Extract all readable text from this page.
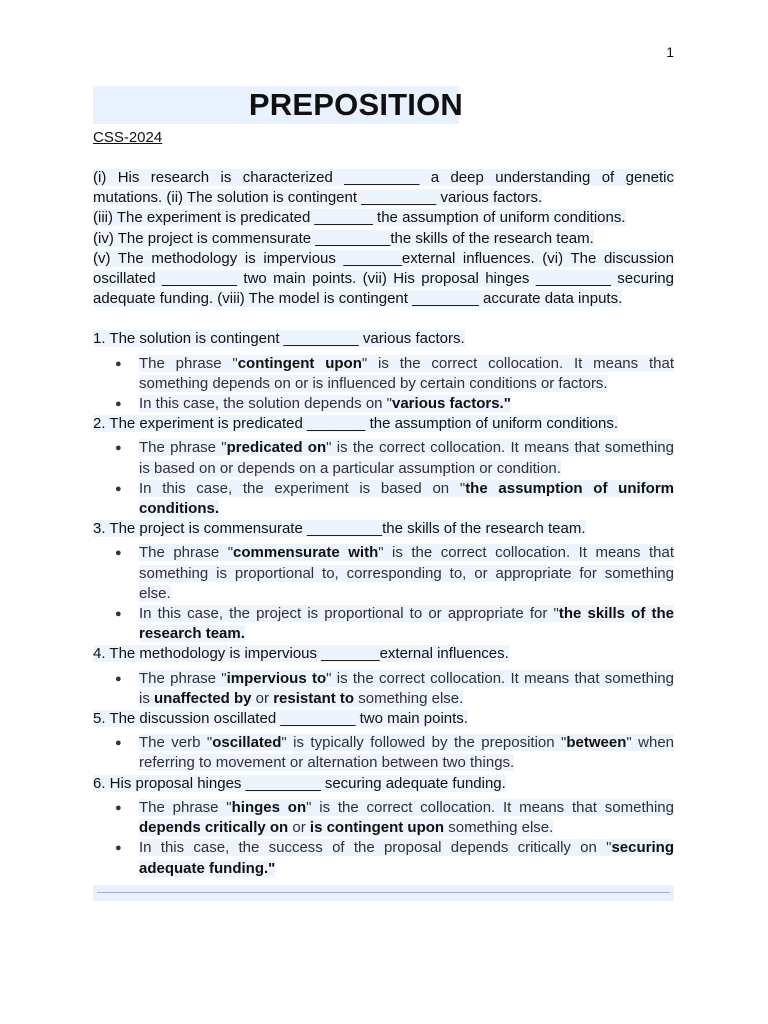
1
PREPOSITION
CSS-2024
(i) His research is characterized _________ a deep understanding of genetic mutations. (ii) The solution is contingent _________ various factors.
(iii) The experiment is predicated _______ the assumption of uniform conditions.
(iv) The project is commensurate _________the skills of the research team.
(v) The methodology is impervious _______external influences. (vi) The discussion oscillated _________ two main points. (vii) His proposal hinges _________ securing adequate funding. (viii) The model is contingent ________ accurate data inputs.
1. The solution is contingent _________ various factors.
● The phrase "contingent upon" is the correct collocation. It means that something depends on or is influenced by certain conditions or factors.
● In this case, the solution depends on "various factors."
2. The experiment is predicated _______ the assumption of uniform conditions.
● The phrase "predicated on" is the correct collocation. It means that something is based on or depends on a particular assumption or condition.
● In this case, the experiment is based on "the assumption of uniform conditions.
3. The project is commensurate _________the skills of the research team.
● The phrase "commensurate with" is the correct collocation. It means that something is proportional to, corresponding to, or appropriate for something else.
● In this case, the project is proportional to or appropriate for "the skills of the research team.
4. The methodology is impervious _______external influences.
● The phrase "impervious to" is the correct collocation. It means that something is unaffected by or resistant to something else.
5. The discussion oscillated _________ two main points.
● The verb "oscillated" is typically followed by the preposition "between" when referring to movement or alternation between two things.
6. His proposal hinges _________ securing adequate funding.
● The phrase "hinges on" is the correct collocation. It means that something depends critically on or is contingent upon something else.
● In this case, the success of the proposal depends critically on "securing adequate funding."
